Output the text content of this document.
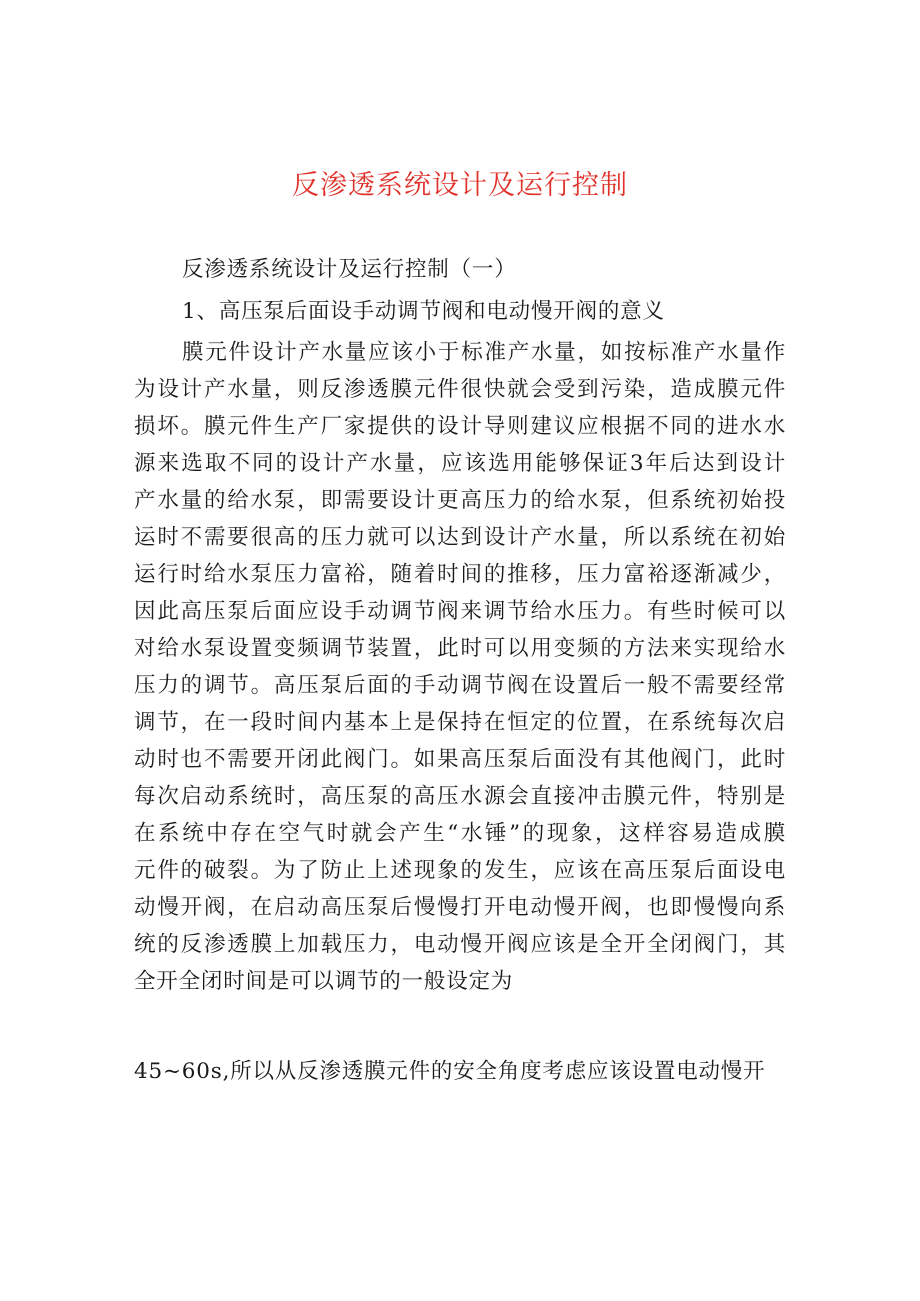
反渗透系统设计及运行控制
反渗透系统设计及运行控制（一）
1、高压泵后面设手动调节阀和电动慢开阀的意义
膜元件设计产水量应该小于标准产水量，如按标准产水量作
为设计产水量，则反渗透膜元件很快就会受到污染，造成膜元件
损坏。膜元件生产厂家提供的设计导则建议应根据不同的进水水
源来选取不同的设计产水量，应该选用能够保证3年后达到设计
产水量的给水泵，即需要设计更高压力的给水泵，但系统初始投
运时不需要很高的压力就可以达到设计产水量，所以系统在初始
运行时给水泵压力富裕，随着时间的推移，压力富裕逐渐减少，
因此高压泵后面应设手动调节阀来调节给水压力。有些时候可以
对给水泵设置变频调节装置，此时可以用变频的方法来实现给水
压力的调节。高压泵后面的手动调节阀在设置后一般不需要经常
调节，在一段时间内基本上是保持在恒定的位置，在系统每次启
动时也不需要开闭此阀门。如果高压泵后面没有其他阀门，此时
每次启动系统时，高压泵的高压水源会直接冲击膜元件，特别是
在系统中存在空气时就会产生“水锤”的现象，这样容易造成膜
元件的破裂。为了防止上述现象的发生，应该在高压泵后面设电
动慢开阀，在启动高压泵后慢慢打开电动慢开阀，也即慢慢向系
统的反渗透膜上加载压力，电动慢开阀应该是全开全闭阀门，其
全开全闭时间是可以调节的一般设定为
45~60s,所以从反渗透膜元件的安全角度考虑应该设置电动慢开
